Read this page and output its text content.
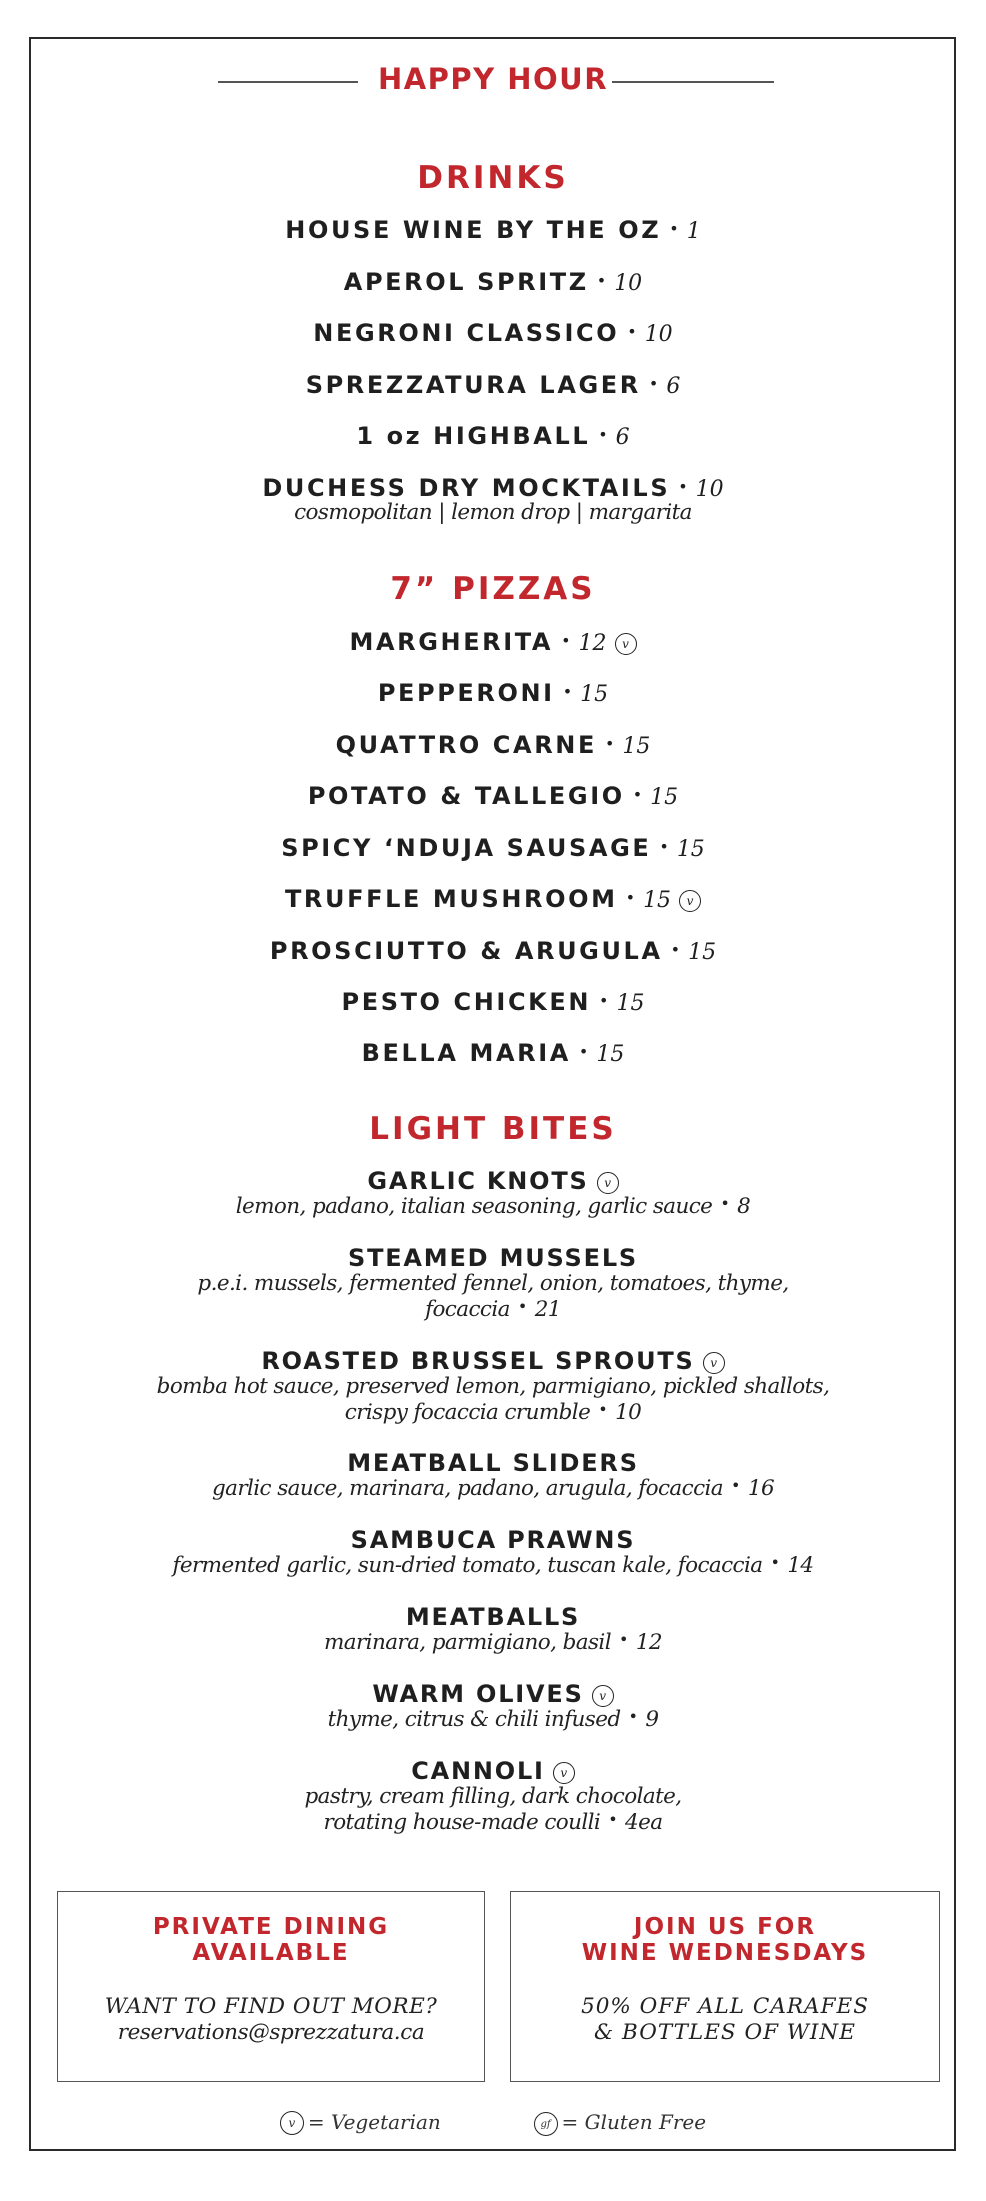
HAPPY HOUR
DRINKS
HOUSE WINE BY THE OZ • 1
APEROL SPRITZ • 10
NEGRONI CLASSICO • 10
SPREZZATURA LAGER • 6
1 oz HIGHBALL • 6
DUCHESS DRY MOCKTAILS • 10
cosmopolitan | lemon drop | margarita
7” PIZZAS
MARGHERITA • 12 v
PEPPERONI • 15
QUATTRO CARNE • 15
POTATO & TALLEGIO • 15
SPICY ‘NDUJA SAUSAGE • 15
TRUFFLE MUSHROOM • 15 v
PROSCIUTTO & ARUGULA • 15
PESTO CHICKEN • 15
BELLA MARIA • 15
LIGHT BITES
GARLIC KNOTS v
lemon, padano, italian seasoning, garlic sauce • 8
STEAMED MUSSELS
p.e.i. mussels, fermented fennel, onion, tomatoes, thyme,
focaccia • 21
ROASTED BRUSSEL SPROUTS v
bomba hot sauce, preserved lemon, parmigiano, pickled shallots,
crispy focaccia crumble • 10
MEATBALL SLIDERS
garlic sauce, marinara, padano, arugula, focaccia • 16
SAMBUCA PRAWNS
fermented garlic, sun-dried tomato, tuscan kale, focaccia • 14
MEATBALLS
marinara, parmigiano, basil • 12
WARM OLIVES v
thyme, citrus & chili infused • 9
CANNOLI v
pastry, cream filling, dark chocolate,
rotating house-made coulli • 4ea
PRIVATE DINING
AVAILABLE
WANT TO FIND OUT MORE?
reservations@sprezzatura.ca
JOIN US FOR
WINE WEDNESDAYS
50% OFF ALL CARAFES
& BOTTLES OF WINE
v = Vegetarian	gf = Gluten Free
